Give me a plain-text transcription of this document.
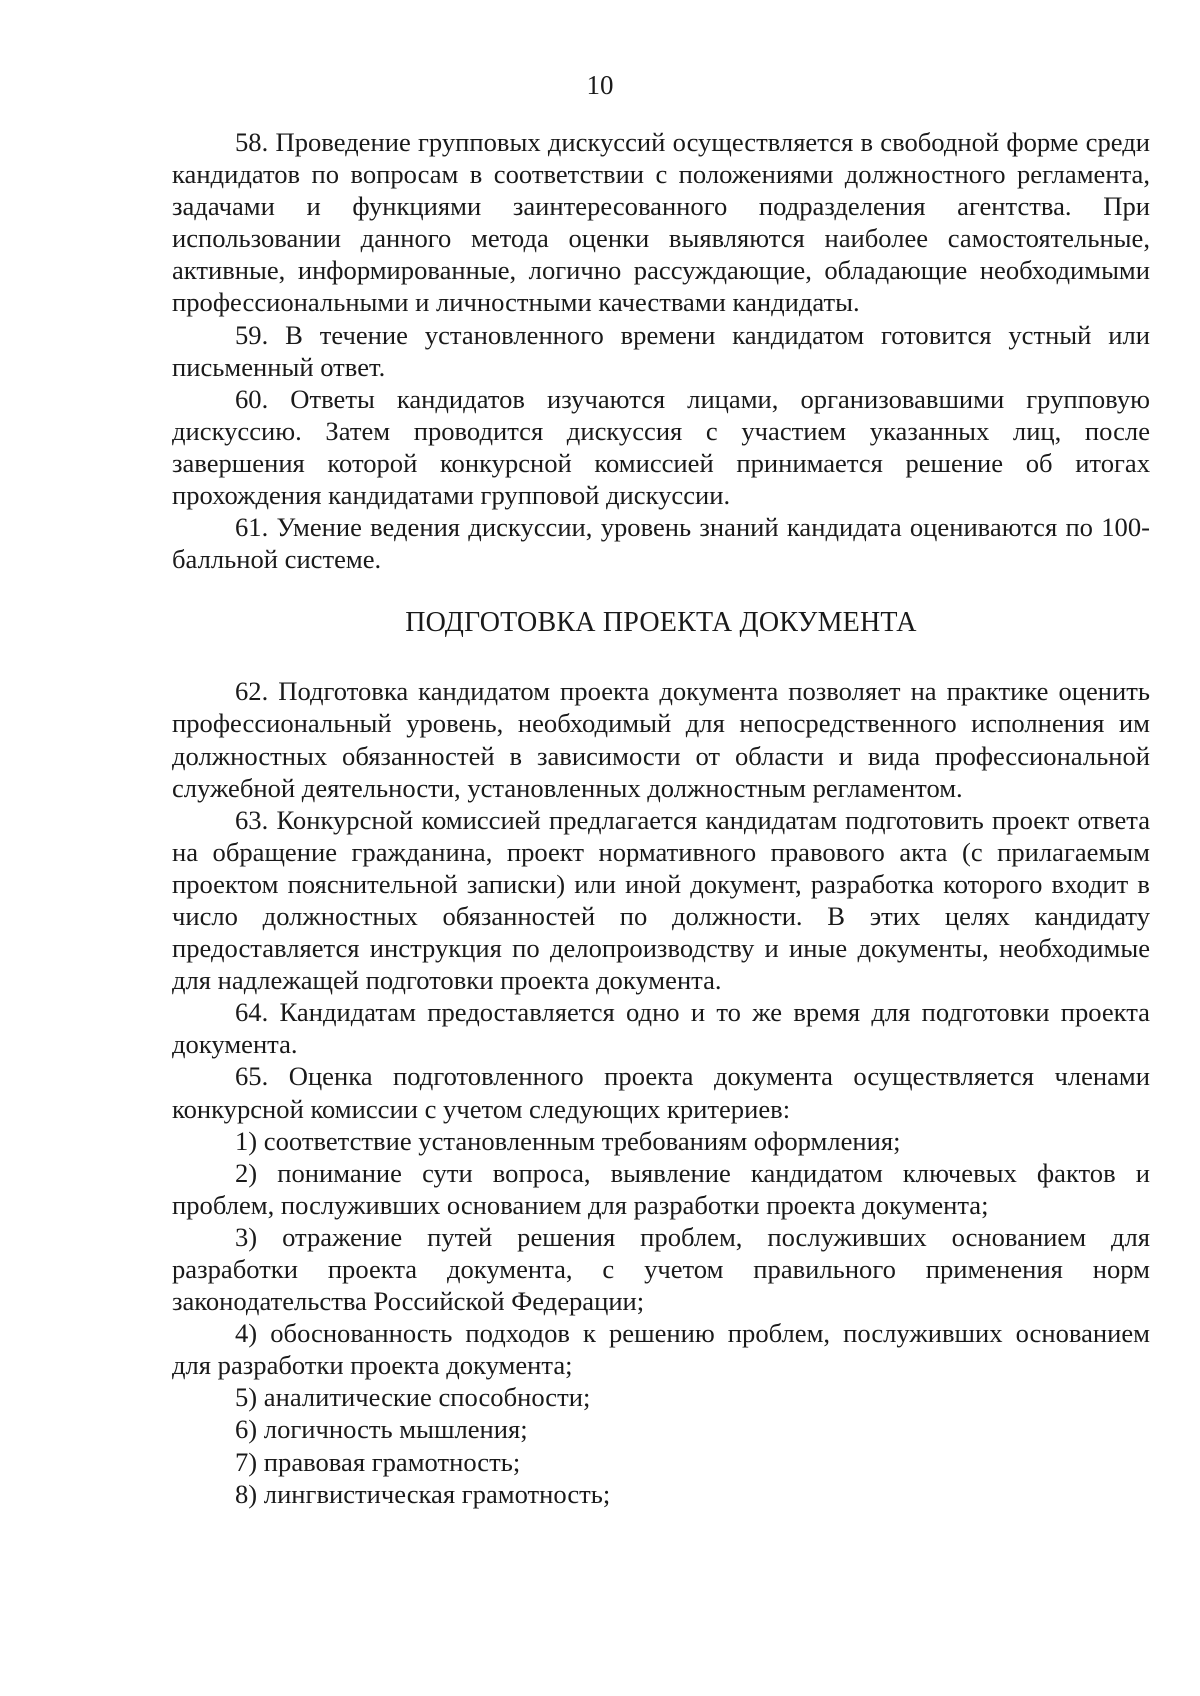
10

58. Проведение групповых дискуссий осуществляется в свободной форме среди кандидатов по вопросам в соответствии с положениями должностного регламента, задачами и функциями заинтересованного подразделения агентства. При использовании данного метода оценки выявляются наиболее самостоятельные, активные, информированные, логично рассуждающие, обладающие необходимыми профессиональными и личностными качествами кандидаты.

59. В течение установленного времени кандидатом готовится устный или письменный ответ.

60. Ответы кандидатов изучаются лицами, организовавшими групповую дискуссию. Затем проводится дискуссия с участием указанных лиц, после завершения которой конкурсной комиссией принимается решение об итогах прохождения кандидатами групповой дискуссии.

61. Умение ведения дискуссии, уровень знаний кандидата оцениваются по 100-балльной системе.

ПОДГОТОВКА ПРОЕКТА ДОКУМЕНТА

62. Подготовка кандидатом проекта документа позволяет на практике оценить профессиональный уровень, необходимый для непосредственного исполнения им должностных обязанностей в зависимости от области и вида профессиональной служебной деятельности, установленных должностным регламентом.

63. Конкурсной комиссией предлагается кандидатам подготовить проект ответа на обращение гражданина, проект нормативного правового акта (с прилагаемым проектом пояснительной записки) или иной документ, разработка которого входит в число должностных обязанностей по должности. В этих целях кандидату предоставляется инструкция по делопроизводству и иные документы, необходимые для надлежащей подготовки проекта документа.

64. Кандидатам предоставляется одно и то же время для подготовки проекта документа.

65. Оценка подготовленного проекта документа осуществляется членами конкурсной комиссии с учетом следующих критериев:

1) соответствие установленным требованиям оформления;

2) понимание сути вопроса, выявление кандидатом ключевых фактов и проблем, послуживших основанием для разработки проекта документа;

3) отражение путей решения проблем, послуживших основанием для разработки проекта документа, с учетом правильного применения норм законодательства Российской Федерации;

4) обоснованность подходов к решению проблем, послуживших основанием для разработки проекта документа;

5) аналитические способности;

6) логичность мышления;

7) правовая грамотность;

8) лингвистическая грамотность;
